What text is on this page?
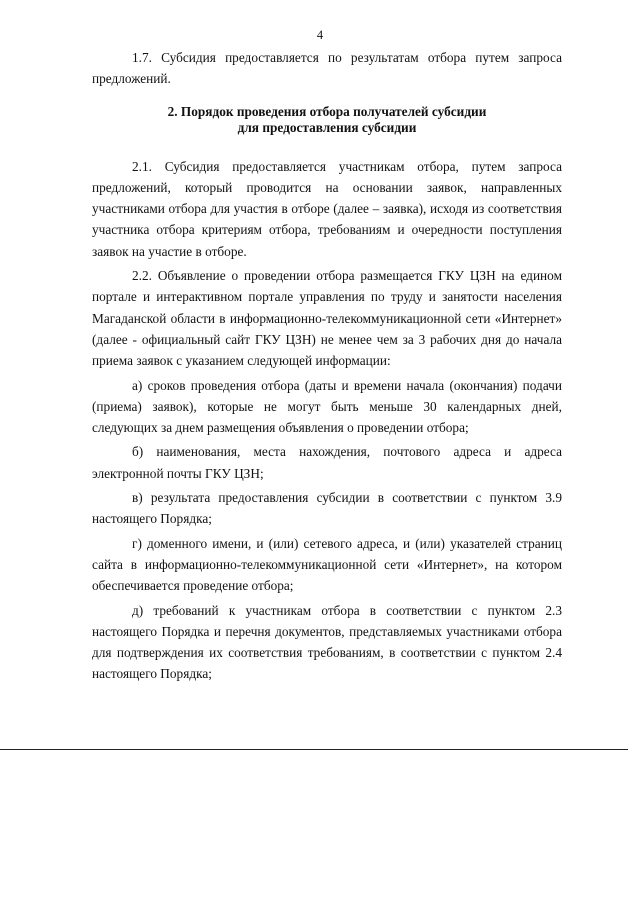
4

1.7. Субсидия предоставляется по результатам отбора путем запроса предложений.

2. Порядок проведения отбора получателей субсидии
для предоставления субсидии

2.1. Субсидия предоставляется участникам отбора, путем запроса предложений, который проводится на основании заявок, направленных участниками отбора для участия в отборе (далее – заявка), исходя из соответствия участника отбора критериям отбора, требованиям и очередности поступления заявок на участие в отборе.

2.2. Объявление о проведении отбора размещается ГКУ ЦЗН на едином портале и интерактивном портале управления по труду и занятости населения Магаданской области в информационно-телекоммуникационной сети «Интернет» (далее - официальный сайт ГКУ ЦЗН) не менее чем за 3 рабочих дня до начала приема заявок с указанием следующей информации:

а) сроков проведения отбора (даты и времени начала (окончания) подачи (приема) заявок), которые не могут быть меньше 30 календарных дней, следующих за днем размещения объявления о проведении отбора;

б) наименования, места нахождения, почтового адреса и адреса электронной почты ГКУ ЦЗН;

в) результата предоставления субсидии в соответствии с пунктом 3.9 настоящего Порядка;

г) доменного имени, и (или) сетевого адреса, и (или) указателей страниц сайта в информационно-телекоммуникационной сети «Интернет», на котором обеспечивается проведение отбора;

д) требований к участникам отбора в соответствии с пунктом 2.3 настоящего Порядка и перечня документов, представляемых участниками отбора для подтверждения их соответствия требованиям, в соответствии с пунктом 2.4 настоящего Порядка;
